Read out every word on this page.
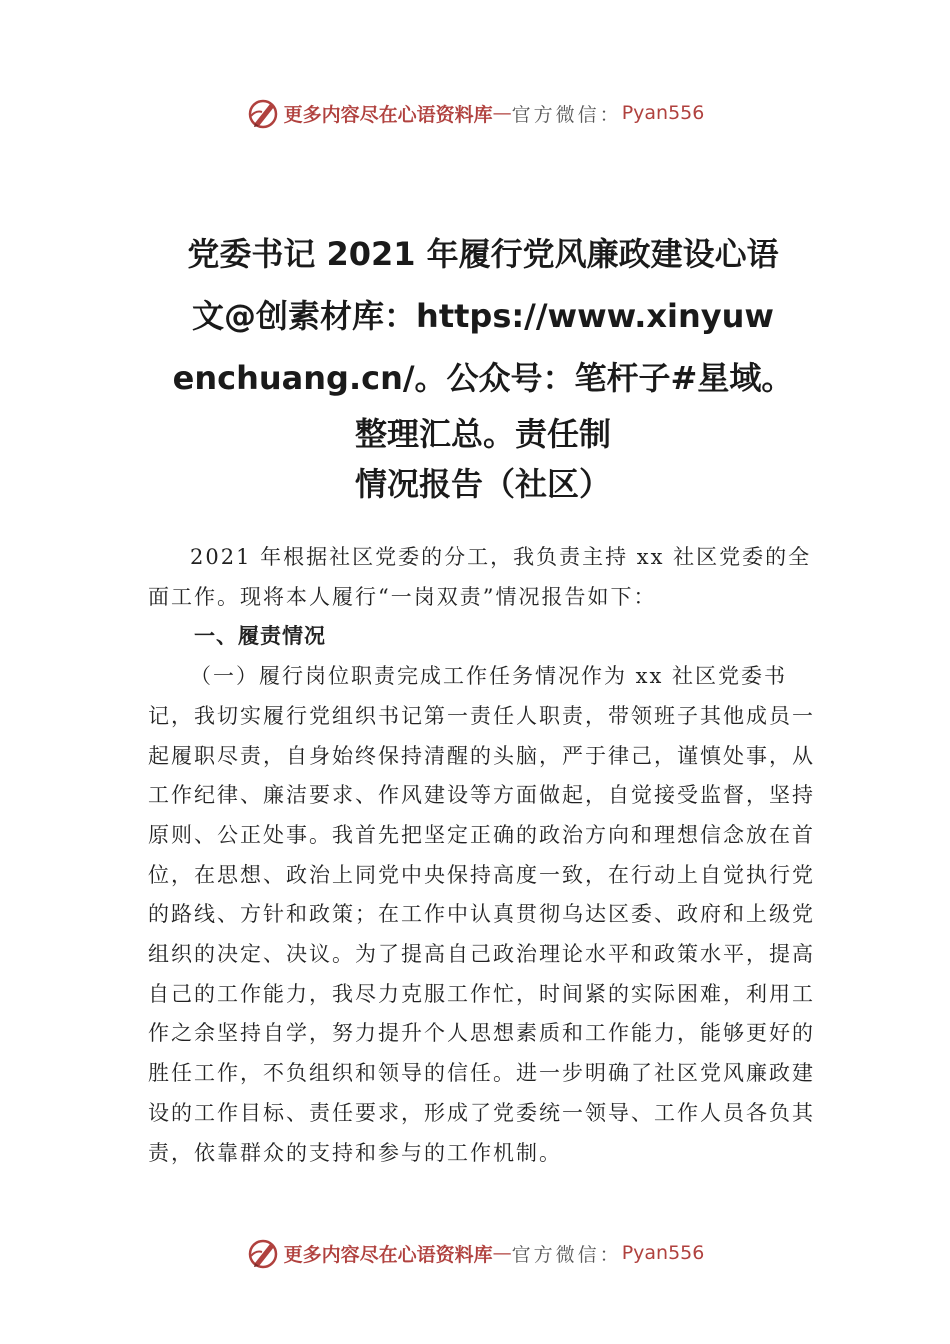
更多内容尽在心语资料库 — 官方微信： Pyan556
党委书记 2021 年履行党风廉政建设心语
文@创素材库：https://www.xinyuw
enchuang.cn/。公众号：笔杆子#星域。
整理汇总。责任制
情况报告（社区）

2021 年根据社区党委的分工，我负责主持 xx 社区党委的全面工作。现将本人履行“一岗双责”情况报告如下：

一、履责情况

（一）履行岗位职责完成工作任务情况作为 xx 社区党委书记，我切实履行党组织书记第一责任人职责，带领班子其他成员一起履职尽责，自身始终保持清醒的头脑，严于律己，谨慎处事，从工作纪律、廉洁要求、作风建设等方面做起，自觉接受监督，坚持原则、公正处事。我首先把坚定正确的政治方向和理想信念放在首位，在思想、政治上同党中央保持高度一致，在行动上自觉执行党的路线、方针和政策；在工作中认真贯彻乌达区委、政府和上级党组织的决定、决议。为了提高自己政治理论水平和政策水平，提高自己的工作能力，我尽力克服工作忙，时间紧的实际困难，利用工作之余坚持自学，努力提升个人思想素质和工作能力，能够更好的胜任工作，不负组织和领导的信任。进一步明确了社区党风廉政建设的工作目标、责任要求，形成了党委统一领导、工作人员各负其责，依靠群众的支持和参与的工作机制。

更多内容尽在心语资料库 — 官方微信： Pyan556
